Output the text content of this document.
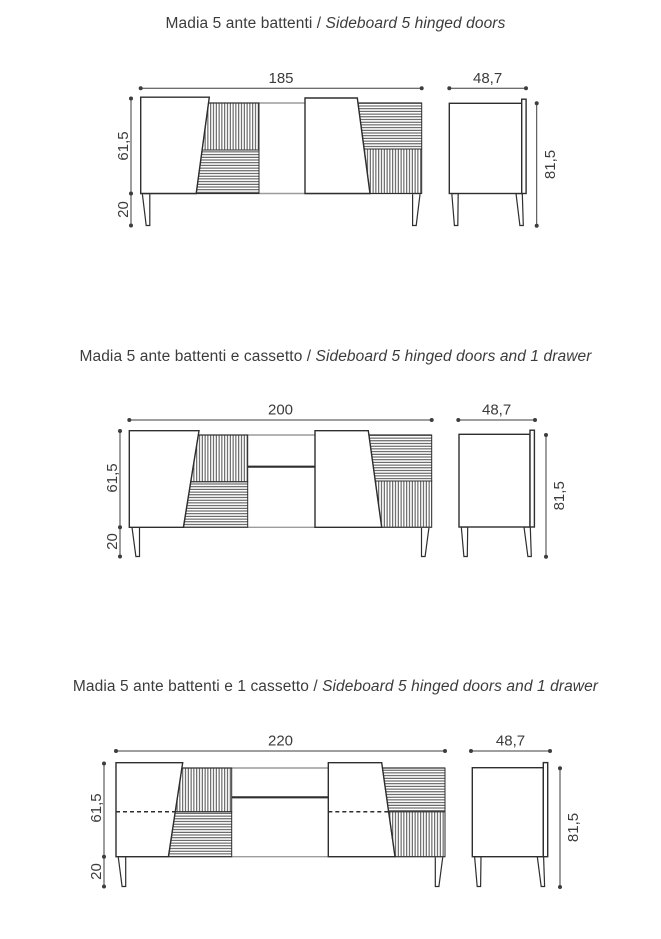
Madia 5 ante battenti / Sideboard 5 hinged doors
185	48,7
61,5
20
81,5
Madia 5 ante battenti e cassetto / Sideboard 5 hinged doors and 1 drawer
200	48,7
61,5
20
81,5
Madia 5 ante battenti e 1 cassetto / Sideboard 5 hinged doors and 1 drawer
220	48,7
61,5
20
81,5
